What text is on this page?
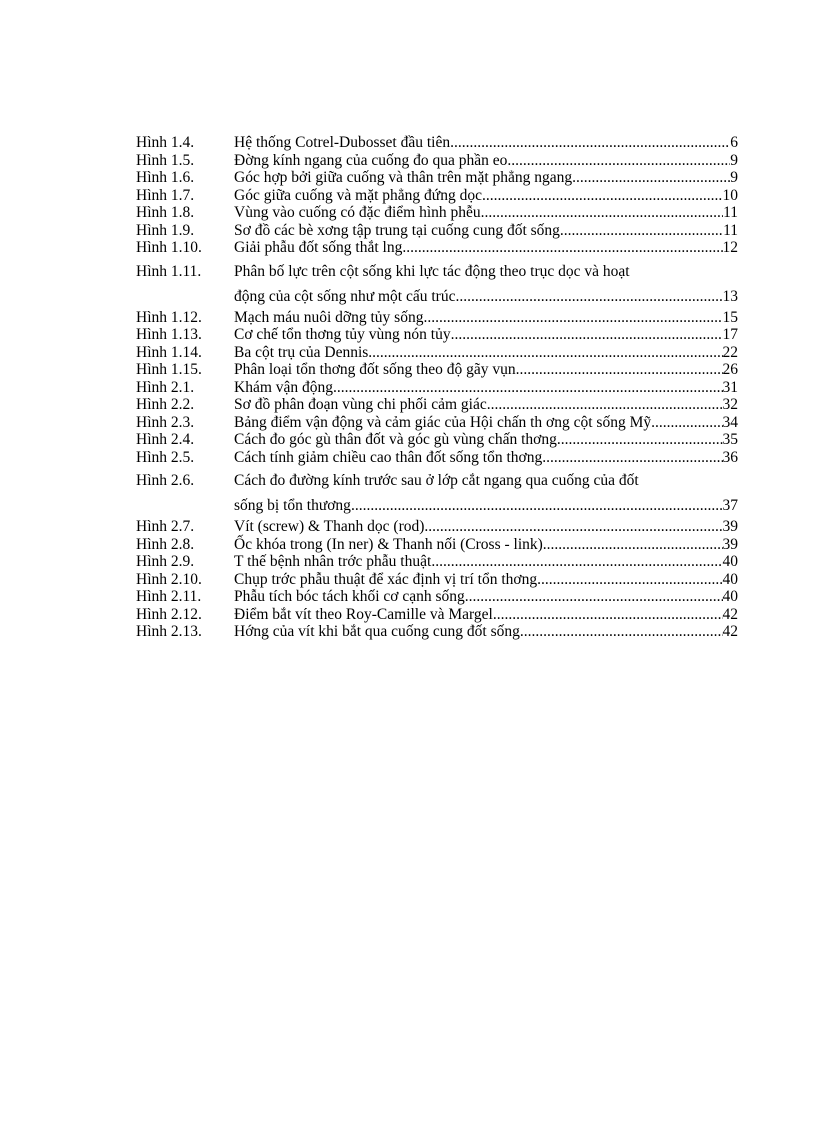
Hình 1.4.	Hệ thống Cotrel-Dubosset đầu tiên .....	6
Hình 1.5.	Đờng kính ngang của cuống đo qua phần eo .....	9
Hình 1.6.	Góc hợp bởi giữa cuống và thân trên mặt phẳng ngang .....	9
Hình 1.7.	Góc giữa cuống và mặt phẳng đứng dọc .....	10
Hình 1.8.	Vùng vào cuống có đặc điểm hình phễu .....	11
Hình 1.9.	Sơ đồ các bè xơng tập trung tại cuống cung đốt sống .....	11
Hình 1.10.	Giải phẫu đốt sống thắt lng .....	12
Hình 1.11.	Phân bố lực trên cột sống khi lực tác động theo trục dọc và hoạt
động của cột sống như một cấu trúc .....	13
Hình 1.12.	Mạch máu nuôi dỡng tủy sống .....	15
Hình 1.13.	Cơ chế tổn thơng tủy vùng nón tủy .....	17
Hình 1.14.	Ba cột trụ của Dennis .....	22
Hình 1.15.	Phân loại tổn thơng đốt sống theo độ gãy vụn .....	26
Hình 2.1.	Khám vận động .....	31
Hình 2.2.	Sơ đồ phân đoạn vùng chi phối cảm giác .....	32
Hình 2.3.	Bảng điểm vận động và cảm giác của Hội chấn th ơng cột sống Mỹ .....	34
Hình 2.4.	Cách đo góc gù thân đốt và góc gù vùng chấn thơng .....	35
Hình 2.5.	Cách tính giảm chiều cao thân đốt sống tổn thơng .....	36
Hình 2.6.	Cách đo đường kính trước sau ở lớp cắt ngang qua cuống của đốt
sống bị tổn thương .....	37
Hình 2.7.	Vít (screw) & Thanh dọc (rod) .....	39
Hình 2.8.	Ốc khóa trong (In ner) & Thanh nối (Cross - link) .....	39
Hình 2.9.	T thế bệnh nhân trớc phẫu thuật .....	40
Hình 2.10.	Chụp trớc phẫu thuật để xác định vị trí tổn thơng .....	40
Hình 2.11.	Phẫu tích bóc tách khối cơ cạnh sống .....	40
Hình 2.12.	Điểm bắt vít theo Roy-Camille và Margel .....	42
Hình 2.13.	Hớng của vít khi bắt qua cuống cung đốt sống .....	42
